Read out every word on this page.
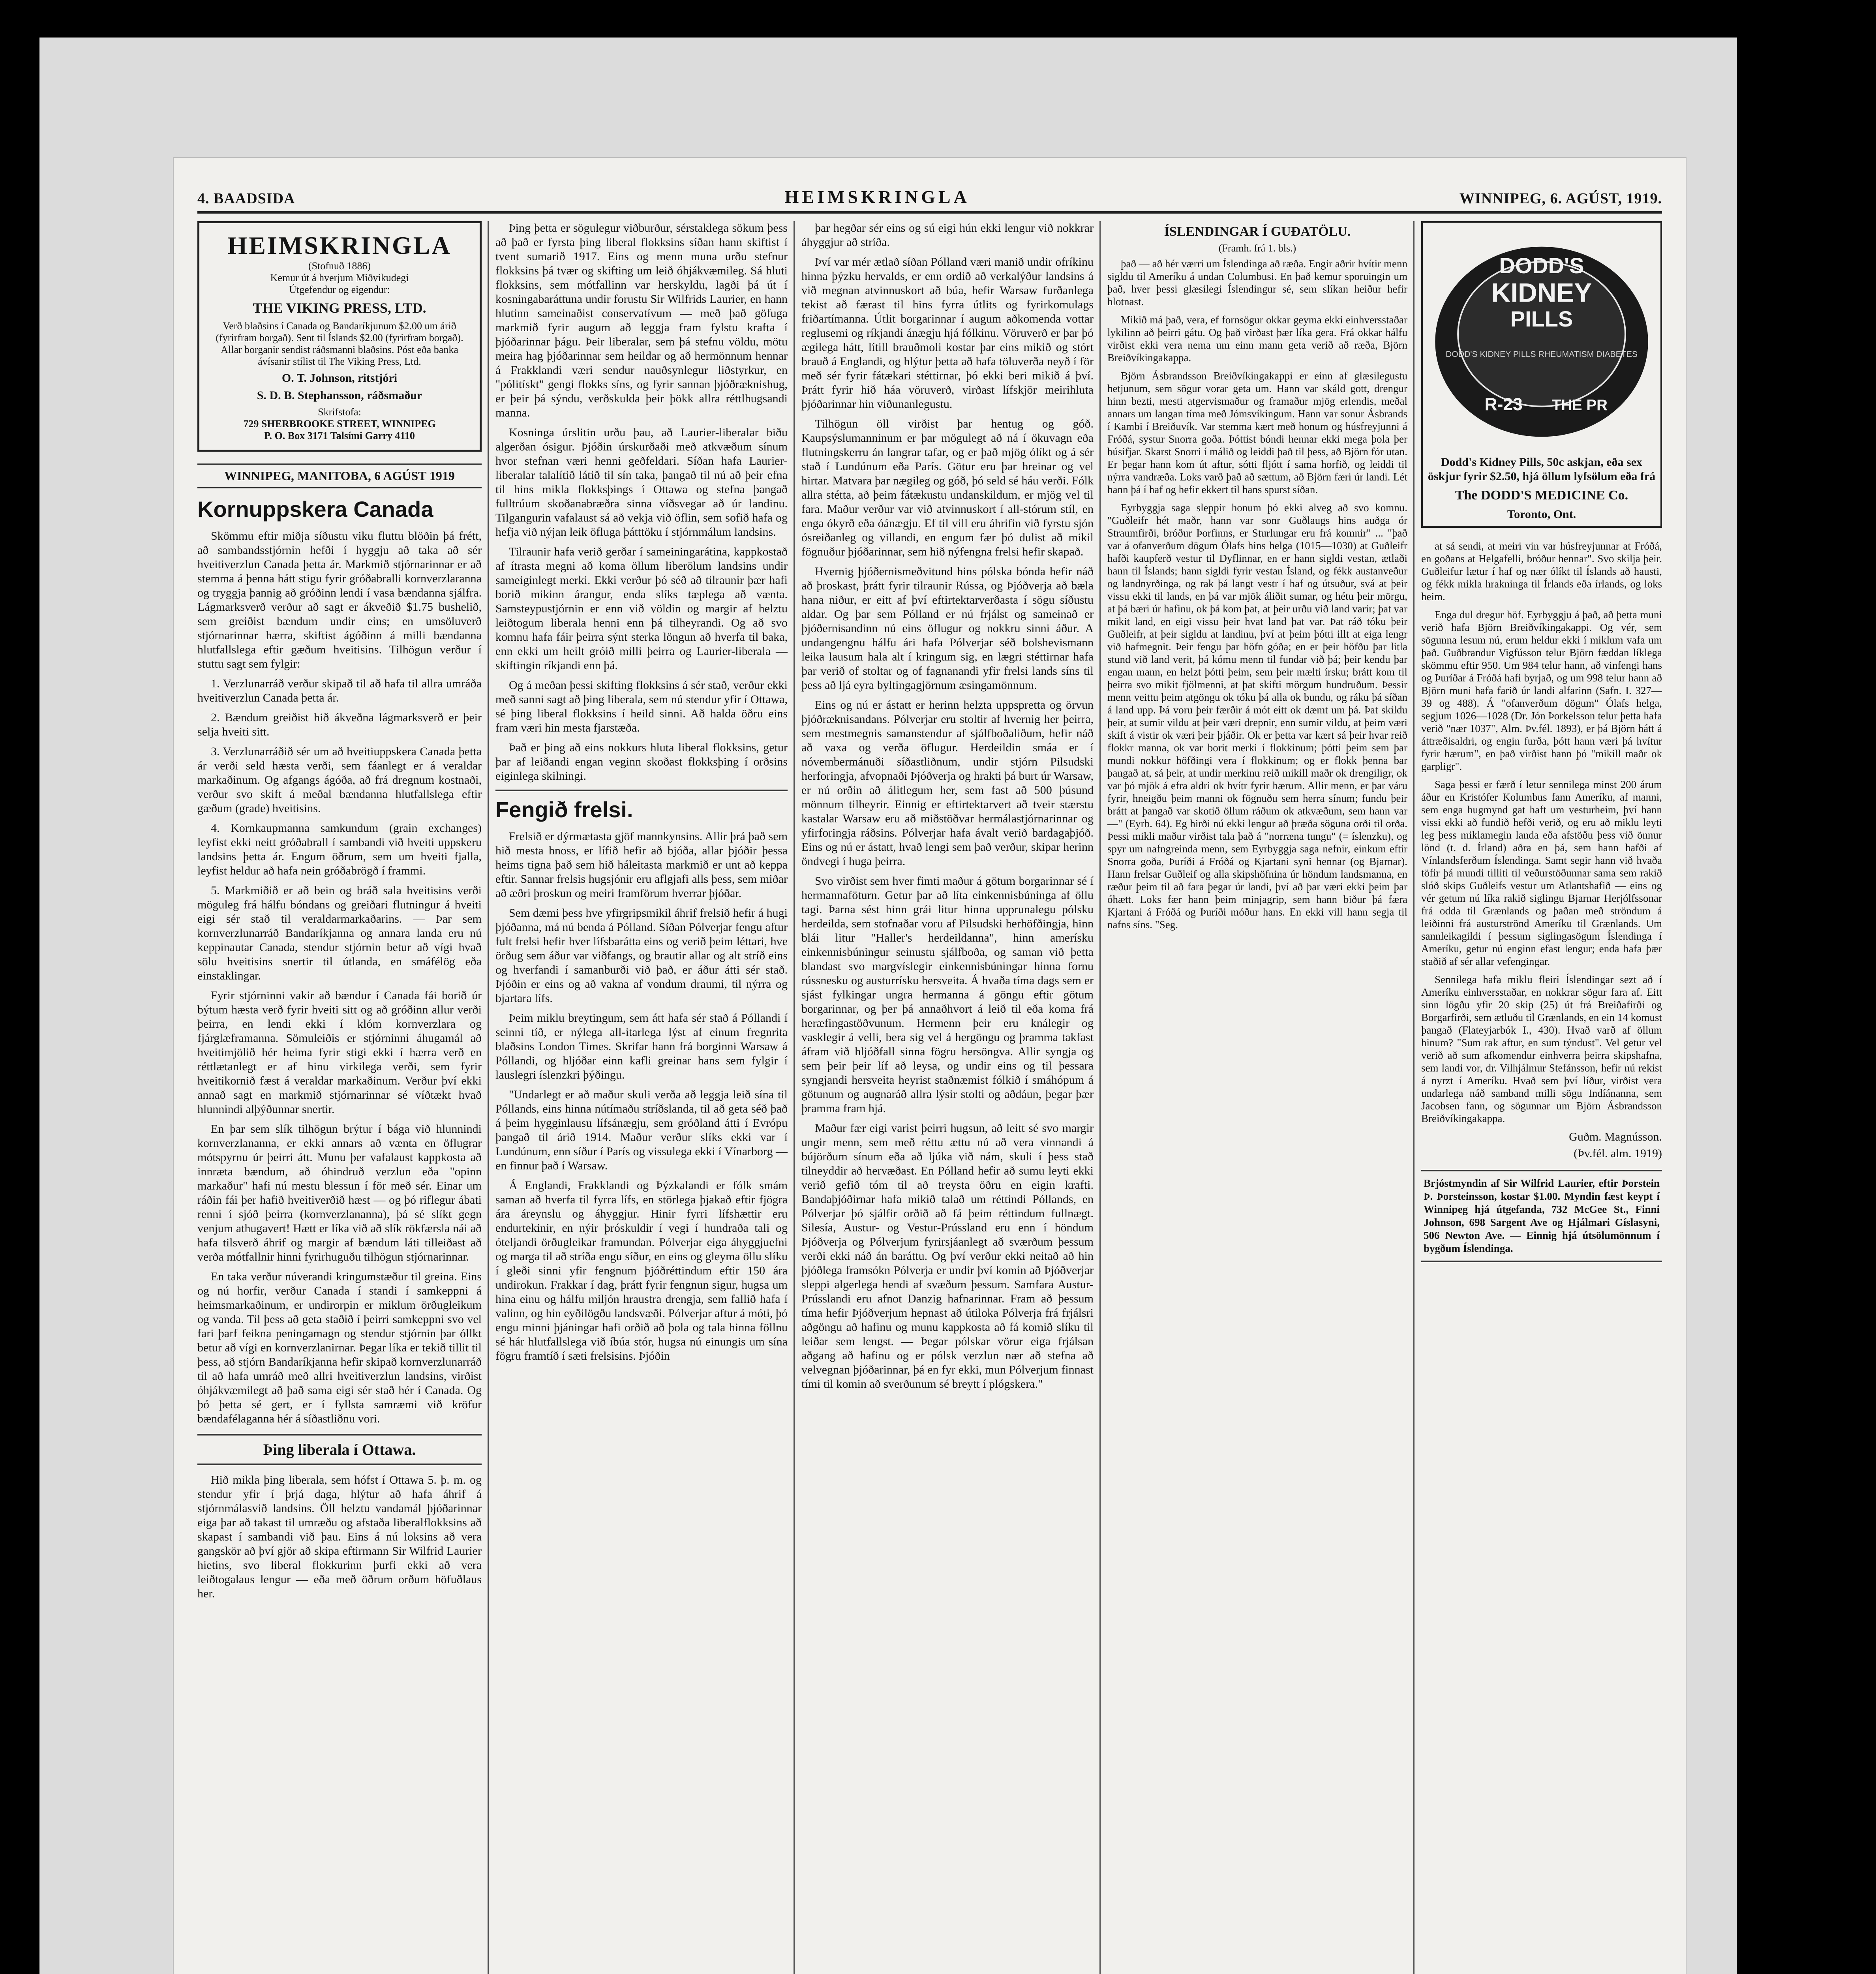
4. BAADSIDA	HEIMSKRINGLA	WINNIPEG, 6. AGÚST, 1919.
HEIMSKRINGLA
(Stofnuð 1886)
Kemur út á hverjum Miðvikudegi
Útgefendur og eigendur:
THE VIKING PRESS, LTD.
Verð blaðsins í Canada og Bandaríkjunum $2.00 um árið (fyrirfram borgað). Sent til Íslands $2.00 (fyrirfram borgað). Allar borganir sendist ráðsmanni blaðsins. Póst eða banka ávísanir stílist til The Viking Press, Ltd.
O. T. Johnson, ritstjóri
S. D. B. Stephansson, ráðsmaður
Skrifstofa:
729 SHERBROOKE STREET, WINNIPEG
P. O. Box 3171 Talsími Garry 4110
WINNIPEG, MANITOBA, 6 AGÚST 1919
Kornuppskera Canada

Skömmu eftir miðja síðustu viku fluttu blöðin þá frétt, að sambandsstjórnin hefði í hyggju að taka að sér hveitiverzlun Canada þetta ár. Markmið stjórnarinnar er að stemma á þenna hátt stigu fyrir gróðabralli kornverzlaranna og tryggja þannig að gróðinn lendi í vasa bændanna sjálfra. Lágmarksverð verður að sagt er ákveðið $1.75 bushelið, sem greiðist bændum undir eins; en umsöluverð stjórnarinnar hærra, skiftist ágóðinn á milli bændanna hlutfallslega eftir gæðum hveitisins. Tilhögun verður í stuttu sagt sem fylgir:

1. Verzlunarráð verður skipað til að hafa til allra umráða hveitiverzlun Canada þetta ár.

2. Bændum greiðist hið ákveðna lágmarksverð er þeir selja hveiti sitt.

3. Verzlunarráðið sér um að hveitiuppskera Canada þetta ár verði seld hæsta verði, sem fáanlegt er á veraldar markaðinum. Og afgangs ágóða, að frá dregnum kostnaði, verður svo skift á meðal bændanna hlutfallslega eftir gæðum (grade) hveitisins.

4. Kornkaupmanna samkundum (grain exchanges) leyfist ekki neitt gróðabrall í sambandi við hveiti uppskeru landsins þetta ár. Engum öðrum, sem um hveiti fjalla, leyfist heldur að hafa nein gróðabrögð í frammi.

5. Markmiðið er að bein og bráð sala hveitisins verði möguleg frá hálfu bóndans og greiðari flutningur á hveiti eigi sér stað til veraldarmarkaðarins. — Þar sem kornverzlunarráð Bandaríkjanna og annara landa eru nú keppinautar Canada, stendur stjórnin betur að vígi hvað sölu hveitisins snertir til útlanda, en smáfélög eða einstaklingar.

Fyrir stjórninni vakir að bændur í Canada fái borið úr býtum hæsta verð fyrir hveiti sitt og að gróðinn allur verði þeirra, en lendi ekki í klóm kornverzlara og fjárglæframanna. Sömuleiðis er stjórninni áhugamál að hveitimjölið hér heima fyrir stigi ekki í hærra verð en réttlætanlegt er af hinu virkilega verði, sem fyrir hveitikornið fæst á veraldar markaðinum. Verður því ekki annað sagt en markmið stjórnarinnar sé víðtækt hvað hlunnindi alþýðunnar snertir.

En þar sem slík tilhögun brýtur í bága við hlunnindi kornverzlananna, er ekki annars að vænta en öflugrar mótspyrnu úr þeirri átt. Munu þer vafalaust kappkosta að innræta bændum, að óhindruð verzlun eða "opinn markaður" hafi nú mestu blessun í för með sér. Einar um ráðin fái þer hafið hveitiverðið hæst — og þó riflegur ábati renni í sjóð þeirra (kornverzlananna), þá sé slíkt gegn venjum athugavert! Hætt er líka við að slík rökfærsla nái að hafa tilsverð áhrif og margir af bændum láti tilleiðast að verða mótfallnir hinni fyrirhuguðu tilhögun stjórnarinnar.

En taka verður núverandi kringumstæður til greina. Eins og nú horfir, verður Canada í standi í samkeppni á heimsmarkaðinum, er undirorpin er miklum örðugleikum og vanda. Til þess að geta staðið í þeirri samkeppni svo vel fari þarf feikna peningamagn og stendur stjórnin þar óllkt betur að vígi en kornverzlanirnar. Þegar líka er tekið tillit til þess, að stjórn Bandaríkjanna hefir skipað kornverzlunarráð til að hafa umráð með allri hveitiverzlun landsins, virðist óhjákvæmilegt að það sama eigi sér stað hér í Canada. Og þó þetta sé gert, er í fyllsta samræmi við kröfur bændafélaganna hér á síðastliðnu vori.

Þing liberala í Ottawa.

Hið mikla þing liberala, sem hófst í Ottawa 5. þ. m. og stendur yfir í þrjá daga, hlýtur að hafa áhrif á stjórnmálasvið landsins. Öll helztu vandamál þjóðarinnar eiga þar að takast til umræðu og afstaða liberalflokksins að skapast í sambandi við þau. Eins á nú loksins að vera gangskör að því gjör að skipa eftirmann Sir Wilfrid Laurier hietins, svo liberal flokkurinn þurfi ekki að vera leiðtogalaus lengur — eða með öðrum orðum höfuðlaus her.

Þing þetta er sögulegur viðburður, sérstaklega sökum þess að það er fyrsta þing liberal flokksins síðan hann skiftist í tvent sumarið 1917. Eins og menn muna urðu stefnur flokksins þá tvær og skifting um leið óhjákvæmileg. Sá hluti flokksins, sem mótfallinn var herskyldu, lagði þá út í kosningabaráttuna undir forustu Sir Wilfrids Laurier, en hann hlutinn sameinaðist conservatívum — með það göfuga markmið fyrir augum að leggja fram fylstu krafta í þjóðarinnar þágu. Þeir liberalar, sem þá stefnu völdu, mötu meira hag þjóðarinnar sem heildar og að hermönnum hennar á Frakklandi væri sendur nauðsynlegur liðstyrkur, en "pólitískt" gengi flokks síns, og fyrir sannan þjóðræknishug, er þeir þá sýndu, verðskulda þeir þökk allra réttlhugsandi manna.

Kosninga úrslitin urðu þau, að Laurier-liberalar biðu algerðan ósigur. Þjóðin úrskurðaði með atkvæðum sínum hvor stefnan væri henni geðfeldari. Síðan hafa Laurier-liberalar talalítið látið til sín taka, þangað til nú að þeir efna til hins mikla flokksþings í Ottawa og stefna þangað fulltrúum skoðanabræðra sinna víðsvegar að úr landinu. Tilgangurin vafalaust sá að vekja við öflin, sem sofið hafa og hefja við nýjan leik öfluga þátttöku í stjórnmálum landsins.

Tilraunir hafa verið gerðar í sameiningarátina, kappkostað af ítrasta megni að koma öllum liberölum landsins undir sameiginlegt merki. Ekki verður þó séð að tilraunir þær hafi borið mikinn árangur, enda slíks tæplega að vænta. Samsteypustjórnin er enn við völdin og margir af helztu leiðtogum liberala henni enn þá tilheyrandi. Og að svo komnu hafa fáir þeirra sýnt sterka löngun að hverfa til baka, enn ekki um heilt gróið milli þeirra og Laurier-liberala — skiftingin ríkjandi enn þá.

Og á meðan þessi skifting flokksins á sér stað, verður ekki með sanni sagt að þing liberala, sem nú stendur yfir í Ottawa, sé þing liberal flokksins í heild sinni. Að halda öðru eins fram væri hin mesta fjarstæða.

Það er þing að eins nokkurs hluta liberal flokksins, getur þar af leiðandi engan veginn skoðast flokksþing í orðsins eiginlega skilningi.

Fengið frelsi.

Frelsið er dýrmætasta gjöf mannkynsins. Allir þrá það sem hið mesta hnoss, er lífið hefir að bjóða, allar þjóðir þessa heims tigna það sem hið háleitasta markmið er unt að keppa eftir. Sannar frelsis hugsjónir eru aflgjafi alls þess, sem miðar að æðri þroskun og meiri framförum hverrar þjóðar.

Sem dæmi þess hve yfirgripsmikil áhrif frelsið hefir á hugi þjóðanna, má nú benda á Pólland. Síðan Pólverjar fengu aftur fult frelsi hefir hver lífsbarátta eins og verið þeim léttari, hve örðug sem áður var viðfangs, og brautir allar og alt stríð eins og hverfandi í samanburði við það, er áður átti sér stað. Þjóðin er eins og að vakna af vondum draumi, til nýrra og bjartara lífs.

Þeim miklu breytingum, sem átt hafa sér stað á Póllandi í seinni tíð, er nýlega all-itarlega lýst af einum fregnrita blaðsins London Times. Skrifar hann frá borginni Warsaw á Póllandi, og hljóðar einn kafli greinar hans sem fylgir í lauslegri íslenzkri þýðingu.

"Undarlegt er að maður skuli verða að leggja leið sína til Póllands, eins hinna nútímaðu stríðslanda, til að geta séð það á þeim hygginlausu lífsánægju, sem gróðland átti í Evrópu þangað til árið 1914. Maður verður slíks ekki var í Lundúnum, enn síður í París og vissulega ekki í Vínarborg — en finnur það í Warsaw.

Á Englandi, Frakklandi og Þýzkalandi er fólk smám saman að hverfa til fyrra lífs, en störlega þjakað eftir fjögra ára áreynslu og áhyggjur. Hinir fyrri lífshættir eru endurtekinir, en nýir þróskuldir í vegi í hundraða tali og óteljandi örðugleikar framundan. Pólverjar eiga áhyggjuefni og marga til að stríða engu síður, en eins og gleyma öllu slíku í gleði sinni yfir fengnum þjóðréttindum eftir 150 ára undirokun. Frakkar í dag, þrátt fyrir fengnun sigur, hugsa um hina einu og hálfu miljón hraustra drengja, sem fallið hafa í valinn, og hin eyðilögðu landsvæði. Pólverjar aftur á móti, þó engu minni þjáningar hafi orðið að þola og tala hinna föllnu sé hár hlutfallslega við íbúa stór, hugsa nú einungis um sína fögru framtíð í sæti frelsisins. Þjóðin

þar hegðar sér eins og sú eigi hún ekki lengur við nokkrar áhyggjur að stríða.

Því var mér ætlað síðan Pólland væri manið undir ofríkinu hinna þýzku hervalds, er enn ordið að verkalýður landsins á við megnan atvinnuskort að búa, hefir Warsaw furðanlega tekist að færast til hins fyrra útlits og fyrirkomulags friðartímanna. Útlit borgarinnar í augum aðkomenda vottar reglusemi og ríkjandi ánægju hjá fólkinu. Vöruverð er þar þó ægilega hátt, lítill brauðmoli kostar þar eins mikið og stórt brauð á Englandi, og hlýtur þetta að hafa töluverða neyð í för með sér fyrir fátækari stéttirnar, þó ekki beri mikið á því. Þrátt fyrir hið háa vöruverð, virðast lífskjör meirihluta þjóðarinnar hin viðunanlegustu.

Tilhögun öll virðist þar hentug og góð. Kaupsýslumanninum er þar mögulegt að ná í ökuvagn eða flutningskerru án langrar tafar, og er það mjög ólíkt og á sér stað í Lundúnum eða París. Götur eru þar hreinar og vel hirtar. Matvara þar nægileg og góð, þó seld sé háu verði. Fólk allra stétta, að þeim fátækustu undanskildum, er mjög vel til fara. Maður verður var við atvinnuskort í all-stórum stíl, en enga ókyrð eða óánægju. Ef til vill eru áhrifin við fyrstu sjón ósreiðanleg og villandi, en engum fær þó dulist að mikil fögnuður þjóðarinnar, sem hið nýfengna frelsi hefir skapað.

Hvernig þjóðernismeðvitund hins pólska bónda hefir náð að þroskast, þrátt fyrir tilraunir Rússa, og Þjóðverja að bæla hana niður, er eitt af því eftirtektarverðasta í sögu síðustu aldar. Og þar sem Pólland er nú frjálst og sameinað er þjóðernisandinn nú eins öflugur og nokkru sinni áður. A undangengnu hálfu ári hafa Pólverjar séð bolshevismann leika lausum hala alt í kringum sig, en lægri stéttirnar hafa þar verið of stoltar og of fagnanandi yfir frelsi lands síns til þess að ljá eyra byltingagjörnum æsingamönnum.

Eins og nú er ástatt er herinn helzta uppspretta og örvun þjóðræknisandans. Pólverjar eru stoltir af hvernig her þeirra, sem mestmegnis samanstendur af sjálfboðaliðum, hefir náð að vaxa og verða öflugur. Herdeildin smáa er í nóvembermánuði síðastliðnum, undir stjórn Pilsudski herforingja, afvopnaði Þjóðverja og hrakti þá burt úr Warsaw, er nú orðin að álitlegum her, sem fast að 500 þúsund mönnum tilheyrir. Einnig er eftirtektarvert að tveir stærstu kastalar Warsaw eru að miðstöðvar hermálastjórnarinnar og yfirforingja ráðsins. Pólverjar hafa ávalt verið bardagaþjóð. Eins og nú er ástatt, hvað lengi sem það verður, skipar herinn öndvegi í huga þeirra.

Svo virðist sem hver fimti maður á götum borgarinnar sé í hermannaföturn. Getur þar að líta einkennisbúninga af öllu tagi. Þarna sést hinn grái litur hinna upprunalegu pólsku herdeilda, sem stofnaðar voru af Pilsudski herhöfðingja, hinn blái litur "Haller's herdeildanna", hinn amerísku einkennisbúningur seinustu sjálfboða, og saman við þetta blandast svo margvíslegir einkennisbúningar hinna fornu rússnesku og austurrísku hersveita. Á hvaða tíma dags sem er sjást fylkingar ungra hermanna á göngu eftir götum borgarinnar, og þer þá annaðhvort á leið til eða koma frá heræfingastöðvunum. Hermenn þeir eru knálegir og vasklegir á velli, bera sig vel á hergöngu og þramma takfast áfram við hljóðfall sinna fögru hersöngva. Allir syngja og sem þeir þeir líf að leysa, og undir eins og til þessara syngjandi hersveita heyrist staðnæmist fólkið í smáhópum á götunum og augnaráð allra lýsir stolti og aðdáun, þegar þær þramma fram hjá.

Maður fær eigi varist þeirri hugsun, að leitt sé svo margir ungir menn, sem með réttu ættu nú að vera vinnandi á bújörðum sínum eða að ljúka við nám, skuli í þess stað tilneyddir að hervæðast. En Pólland hefir að sumu leyti ekki verið gefið tóm til að treysta öðru en eigin krafti. Bandaþjóðirnar hafa mikið talað um réttindi Póllands, en Pólverjar þó sjálfir orðið að fá þeim réttindum fullnægt. Silesía, Austur- og Vestur-Prússland eru enn í höndum Þjóðverja og Pólverjum fyrirsjáanlegt að sværðum þessum verði ekki náð án baráttu. Og því verður ekki neitað að hin þjóðlega framsókn Pólverja er undir því komin að Þjóðverjar sleppi algerlega hendi af svæðum þessum. Samfara Austur-Prússlandi eru afnot Danzig hafnarinnar. Fram að þessum tíma hefir Þjóðverjum hepnast að útiloka Pólverja frá frjálsri aðgöngu að hafinu og munu kappkosta að fá komið slíku til leiðar sem lengst. — Þegar pólskar vörur eiga frjálsan aðgang að hafinu og er pólsk verzlun nær að stefna að velvegnan þjóðarinnar, þá en fyr ekki, mun Pólverjum finnast tími til komin að sverðunum sé breytt í plógskera."

ÍSLENDINGAR Í GUÐATÖLU.
(Framh. frá 1. bls.)

það — að hér værri um Íslendinga að ræða. Engir aðrir hvítir menn sigldu til Ameríku á undan Columbusi. En það kemur sporuingin um það, hver þessi glæsilegi Íslendingur sé, sem slíkan heiður hefir hlotnast.

Mikið má það, vera, ef fornsögur okkar geyma ekki einhversstaðar lykilinn að þeirri gátu. Og það virðast þær líka gera. Frá okkar hálfu virðist ekki vera nema um einn mann geta verið að ræða, Björn Breiðvíkingakappa.

Björn Ásbrandsson Breiðvíkingakappi er einn af glæsilegustu hetjunum, sem sögur vorar geta um. Hann var skáld gott, drengur hinn bezti, mesti atgervismaður og framaður mjög erlendis, meðal annars um langan tíma með Jómsvíkingum. Hann var sonur Ásbrands í Kambi í Breiðuvík. Var stemma kært með honum og húsfreyjunni á Fróðá, systur Snorra goða. Þóttist bóndi hennar ekki mega þola þer búsifjar. Skarst Snorri í málið og leiddi það til þess, að Björn fór utan. Er þegar hann kom út aftur, sótti fljótt í sama horfið, og leiddi til nýrra vandræða. Loks varð það að sættum, að Björn færi úr landi. Lét hann þá í haf og hefir ekkert til hans spurst síðan.

Eyrbyggja saga sleppir honum þó ekki alveg að svo komnu. "Guðleifr hét maðr, hann var sonr Guðlaugs hins auðga ór Straumfirði, bróður Þorfinns, er Sturlungar eru frá komnir" ... "það var á ofanverðum dögum Ólafs hins helga (1015—1030) at Guðleifr hafði kaupferð vestur til Dyflinnar, en er hann sigldi vestan, ætlaði hann til Íslands; hann sigldi fyrir vestan Ísland, og fékk austanveður og landnyrðinga, og rak þá langt vestr í haf og útsuður, svá at þeir vissu ekki til lands, en þá var mjök áliðit sumar, og hétu þeir mörgu, at þá bæri úr hafinu, ok þá kom þat, at þeir urðu við land varir; þat var mikit land, en eigi vissu þeir hvat land þat var. Þat ráð tóku þeir Guðleifr, at þeir sigldu at landinu, því at þeim þótti illt at eiga lengr við hafmegnit. Þeir fengu þar höfn góða; en er þeir höfðu þar litla stund við land verit, þá kómu menn til fundar við þá; þeir kendu þar engan mann, en helzt þótti þeim, sem þeir mælti írsku; brátt kom til þeirra svo mikit fjölmenni, at þat skifti mörgum hundruðum. Þessir menn veittu þeim atgöngu ok tóku þá alla ok bundu, og ráku þá síðan á land upp. Þá voru þeir færðir á mót eitt ok dæmt um þá. Þat skildu þeir, at sumir vildu at þeir væri drepnir, enn sumir vildu, at þeim væri skift á vistir ok væri þeir þjáðir. Ok er þetta var kært sá þeir hvar reið flokkr manna, ok var borit merki í flokkinum; þótti þeim sem þar mundi nokkur höfðingi vera í flokkinum; og er flokk þenna bar þangað at, sá þeir, at undir merkinu reið mikill maðr ok drengiligr, ok var þó mjök á efra aldri ok hvítr fyrir hærum. Allir menn, er þar váru fyrir, hneigðu þeim manni ok fögnuðu sem herra sínum; fundu þeir brátt at þangað var skotið öllum ráðum ok atkvæðum, sem hann var —" (Eyrb. 64). Eg hirði nú ekki lengur að þræða söguna orði til orða. Þessi mikli maður virðist tala það á "norræna tungu" (= íslenzku), og spyr um nafngreinda menn, sem Eyrbyggja saga nefnir, einkum eftir Snorra goða, Þuríði á Fróðá og Kjartani syni hennar (og Bjarnar). Hann frelsar Guðleif og alla skipshöfnina úr höndum landsmanna, en ræður þeim til að fara þegar úr landi, því að þar væri ekki þeim þar óhætt. Loks fær hann þeim minjagrip, sem hann biður þá færa Kjartani á Fróðá og Þuríði móður hans. En ekki vill hann segja til nafns síns. "Seg.

DODD'S
KIDNEY
PILLS
DODD'S KIDNEY PILLS RHEUMATISM DIABETES
R-23 THE PR
Dodd's Kidney Pills, 50c askjan, eða sex öskjur fyrir $2.50, hjá öllum lyfsölum eða frá
The DODD'S MEDICINE Co.
Toronto, Ont.

at sá sendi, at meiri vin var húsfreyjunnar at Fróðá, en goðans at Helgafelli, bróður hennar". Svo skilja þeir. Guðleifur lætur í haf og nær ólíkt til Íslands að hausti, og fékk mikla hrakninga til Írlands eða írlands, og loks heim.

Enga dul dregur höf. Eyrbyggju á það, að þetta muni verið hafa Björn Breiðvíkingakappi. Og vér, sem sögunna lesum nú, erum heldur ekki í miklum vafa um það. Guðbrandur Vigfússon telur Björn fæddan líklega skömmu eftir 950. Um 984 telur hann, að vinfengi hans og Þuríðar á Fróðá hafi byrjað, og um 998 telur hann að Björn muni hafa farið úr landi alfarinn (Safn. I. 327—39 og 488). Á "ofanverðum dögum" Ólafs helga, segjum 1026—1028 (Dr. Jón Þorkelsson telur þetta hafa verið "nær 1037", Alm. Þv.fél. 1893), er þá Björn hátt á áttræðisaldri, og engin furða, þótt hann væri þá hvítur fyrir hærum", en það virðist hann þó "mikill maðr ok garpligr".

Saga þessi er færð í letur sennilega minst 200 árum áður en Kristófer Kolumbus fann Ameríku, af manni, sem enga hugmynd gat haft um vesturheim, því hann vissi ekki að fundið hefði verið, og eru að miklu leyti leg þess miklamegin landa eða afstöðu þess við önnur lönd (t. d. Írland) aðra en þá, sem hann hafði af Vínlandsferðum Íslendinga. Samt segir hann við hvaða töfir þá mundi tilliti til veðurstöðunnar sama sem rakið slóð skips Guðleifs vestur um Atlantshafið — eins og vér getum nú líka rakið siglingu Bjarnar Herjólfssonar frá odda til Grænlands og þaðan með ströndum á leiðinni frá austurströnd Ameríku til Grænlands. Um sannleikagildi í þessum siglingasögum Íslendinga í Ameríku, getur nú enginn efast lengur; enda hafa þær staðið af sér allar vefengingar.

Sennilega hafa miklu fleiri Íslendingar sezt að í Ameríku einhversstaðar, en nokkrar sögur fara af. Eitt sinn lögðu yfir 20 skip (25) út frá Breiðafirði og Borgarfirði, sem ætluðu til Grænlands, en ein 14 komust þangað (Flateyjarbók I., 430). Hvað varð af öllum hinum? "Sum rak aftur, en sum týndust". Vel getur vel verið að sum afkomendur einhverra þeirra skipshafna, sem landi vor, dr. Vilhjálmur Stefánsson, hefir nú rekist á nyrzt í Ameríku. Hvað sem því líður, virðist vera undarlega náð samband milli sögu Indíánanna, sem Jacobsen fann, og sögunnar um Björn Ásbrandsson Breiðvíkingakappa.

Guðm. Magnússon.
(Þv.fél. alm. 1919)
Brjóstmyndin af Sir Wilfrid Laurier, eftir Þorstein Þ. Þorsteinsson, kostar $1.00. Myndin fæst keypt í Winnipeg hjá útgefanda, 732 McGee St., Finni Johnson, 698 Sargent Ave og Hjálmari Gíslasyni, 506 Newton Ave. — Einnig hjá útsölumönnum í bygðum Íslendinga.
